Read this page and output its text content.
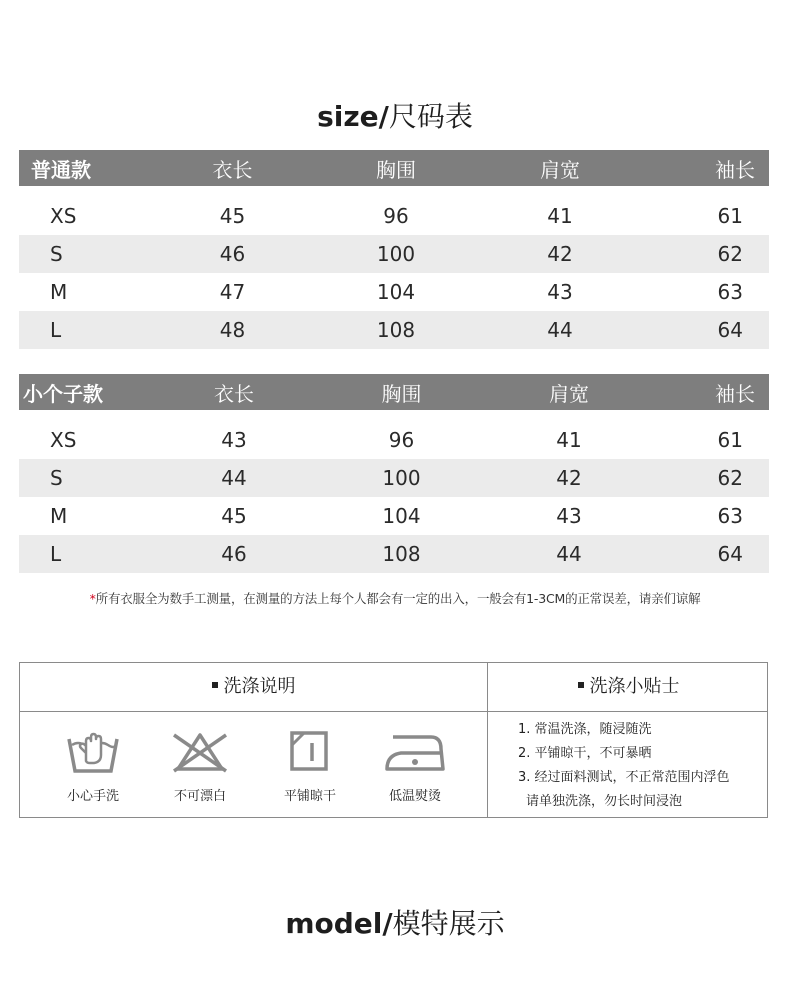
size/尺码表
普通款	衣长	胸围	肩宽	袖长

XS	45	96	41	61
S	46	100	42	62
M	47	104	43	63
L	48	108	44	64
小个子款	衣长	胸围	肩宽	袖长

XS	43	96	41	61
S	44	100	42	62
M	45	104	43	63
L	46	108	44	64
*所有衣服全为数手工测量，在测量的方法上每个人都会有一定的出入，一般会有1-3CM的正常误差，请亲们谅解
洗涤说明	洗涤小贴士
小心手洗	不可漂白	平铺晾干	低温熨烫
1. 常温洗涤，随浸随洗
2. 平铺晾干，不可暴晒
3. 经过面料测试，不正常范围内浮色
请单独洗涤，勿长时间浸泡
model/模特展示
